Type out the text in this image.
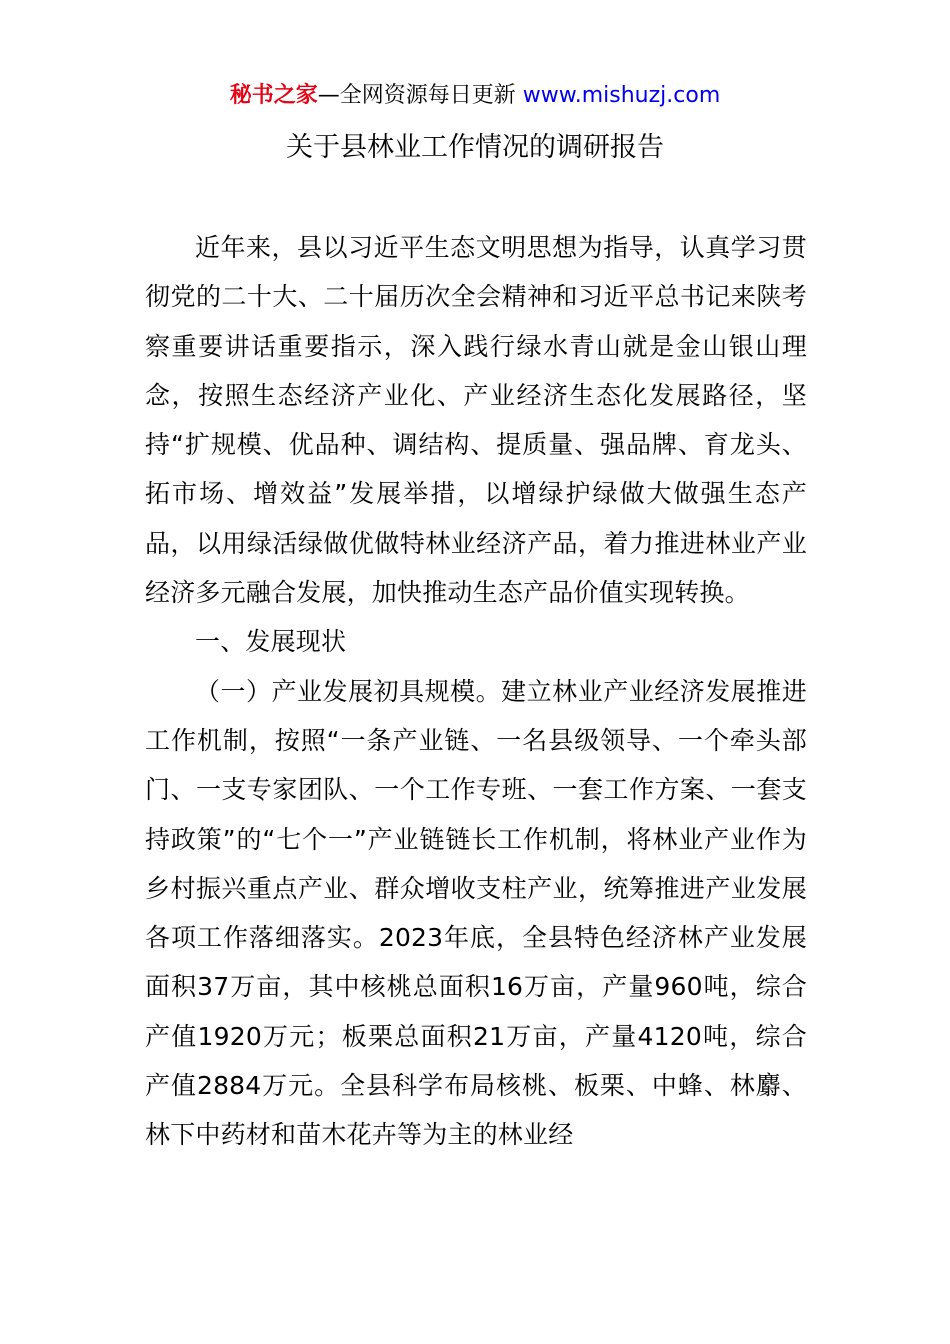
秘书之家—全网资源每日更新 www.mishuzj.com
关于县林业工作情况的调研报告

近年来，县以习近平生态文明思想为指导，认真学习贯彻党的二十大、二十届历次全会精神和习近平总书记来陕考察重要讲话重要指示，深入践行绿水青山就是金山银山理念，按照生态经济产业化、产业经济生态化发展路径，坚持“扩规模、优品种、调结构、提质量、强品牌、育龙头、拓市场、增效益”发展举措，以增绿护绿做大做强生态产品，以用绿活绿做优做特林业经济产品，着力推进林业产业经济多元融合发展，加快推动生态产品价值实现转换。

一、发展现状

（一）产业发展初具规模。建立林业产业经济发展推进工作机制，按照“一条产业链、一名县级领导、一个牵头部门、一支专家团队、一个工作专班、一套工作方案、一套支持政策”的“七个一”产业链链长工作机制，将林业产业作为乡村振兴重点产业、群众增收支柱产业，统筹推进产业发展各项工作落细落实。2023年底，全县特色经济林产业发展面积37万亩，其中核桃总面积16万亩，产量960吨，综合产值1920万元；板栗总面积21万亩，产量4120吨，综合产值2884万元。全县科学布局核桃、板栗、中蜂、林麝、林下中药材和苗木花卉等为主的林业经
